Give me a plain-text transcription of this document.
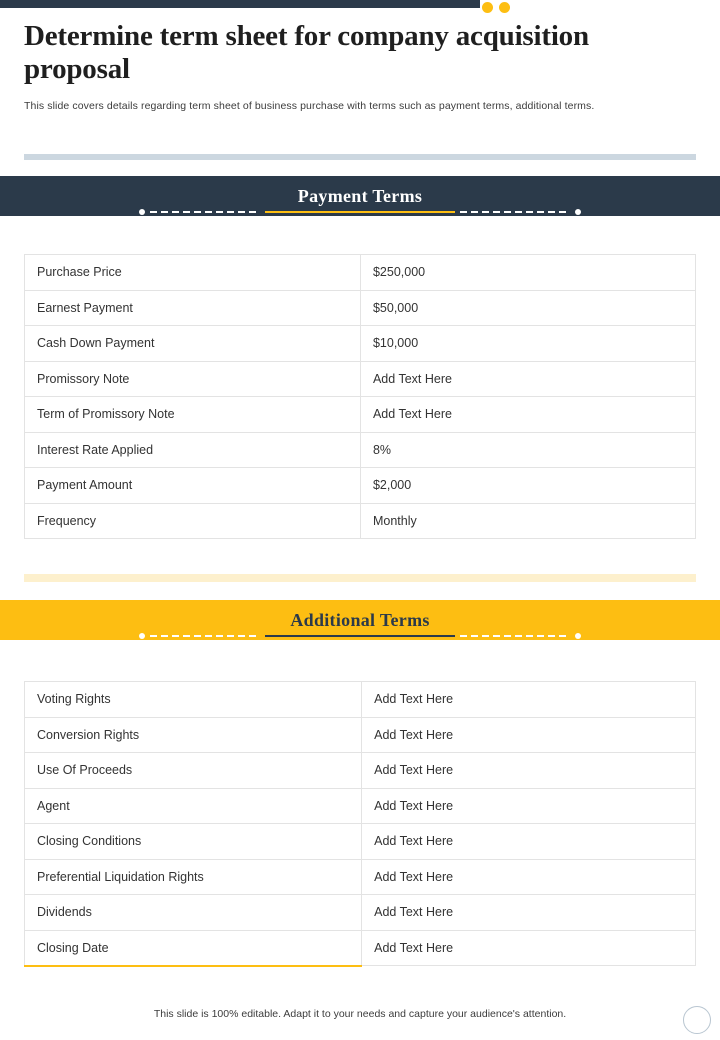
Determine term sheet for company acquisition proposal

This slide covers details regarding term sheet of business purchase with terms such as payment terms, additional terms.

Payment Terms
Purchase Price	$250,000
Earnest Payment	$50,000
Cash Down Payment	$10,000
Promissory Note	Add Text Here
Term of Promissory Note	Add Text Here
Interest Rate Applied	8%
Payment Amount	$2,000
Frequency	Monthly
Additional Terms
Voting Rights	Add Text Here
Conversion Rights	Add Text Here
Use Of Proceeds	Add Text Here
Agent	Add Text Here
Closing Conditions	Add Text Here
Preferential Liquidation Rights	Add Text Here
Dividends	Add Text Here
Closing Date	Add Text Here
This slide is 100% editable. Adapt it to your needs and capture your audience's attention.
